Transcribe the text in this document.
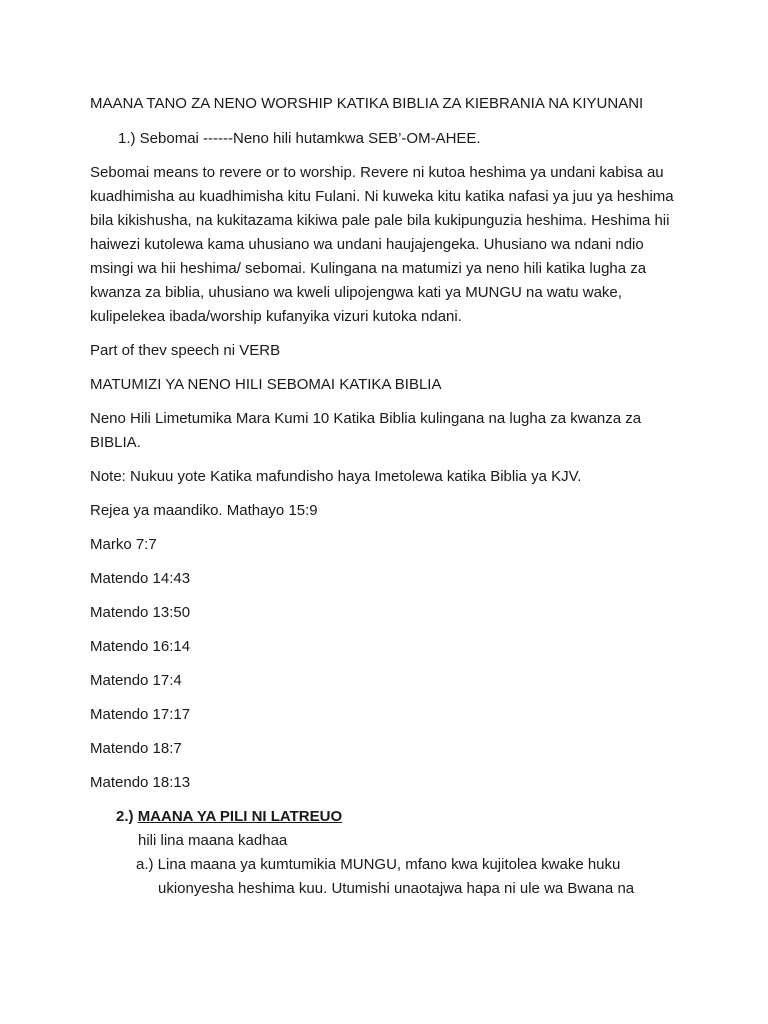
MAANA TANO ZA NENO WORSHIP KATIKA BIBLIA ZA KIEBRANIA NA KIYUNANI

1.) Sebomai ------Neno hili hutamkwa SEB’-OM-AHEE.

Sebomai means to revere or to worship. Revere ni kutoa heshima ya undani kabisa au kuadhimisha au kuadhimisha kitu Fulani. Ni kuweka kitu katika nafasi ya juu ya heshima bila kikishusha, na kukitazama kikiwa pale pale bila kukipunguzia heshima. Heshima hii haiwezi kutolewa kama uhusiano wa undani haujajengeka. Uhusiano wa ndani ndio msingi wa hii heshima/ sebomai. Kulingana na matumizi ya neno hili katika lugha za kwanza za biblia, uhusiano wa kweli ulipojengwa kati ya MUNGU na watu wake, kulipelekea ibada/worship kufanyika vizuri kutoka ndani.

Part of thev speech ni VERB

MATUMIZI YA NENO HILI SEBOMAI KATIKA BIBLIA

Neno Hili Limetumika Mara Kumi 10 Katika Biblia kulingana na lugha za kwanza za BIBLIA.

Note: Nukuu yote Katika mafundisho haya Imetolewa katika Biblia ya KJV.

Rejea ya maandiko. Mathayo 15:9

Marko 7:7

Matendo 14:43

Matendo 13:50

Matendo 16:14

Matendo 17:4

Matendo 17:17

Matendo 18:7

Matendo 18:13

2.) MAANA YA PILI NI LATREUO

hili lina maana kadhaa

a.) Lina maana ya kumtumikia MUNGU, mfano kwa kujitolea kwake huku
ukionyesha heshima kuu. Utumishi unaotajwa hapa ni ule wa Bwana na
